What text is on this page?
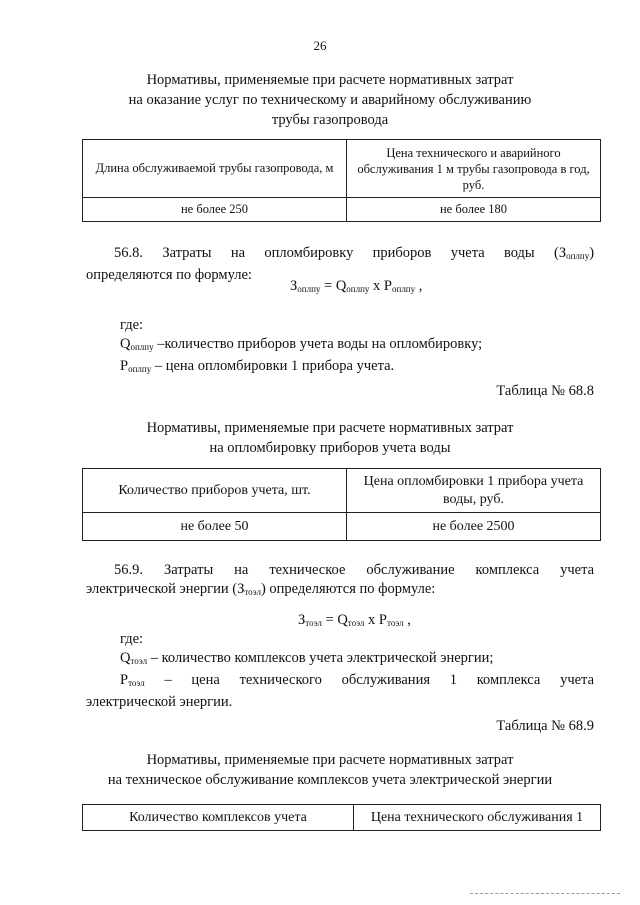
26
Нормативы, применяемые при расчете нормативных затрат
на оказание услуг по техническому и аварийному обслуживанию
трубы газопровода
Длина обслуживаемой трубы газопровода, м	Цена технического и аварийного обслуживания 1 м трубы газопровода в год, руб.
не более 250	не более 180
56.8. Затраты на опломбировку приборов учета воды $(З_{оплпу})$
определяются по формуле:
$З_{оплпу} = Q_{оплпу}$ x $P_{оплпу}$ ,
где:
$Q_{оплпу}$ –количество приборов учета воды на опломбировку;
$P_{оплпу}$ – цена опломбировки 1 прибора учета.
Таблица № 68.8
Нормативы, применяемые при расчете нормативных затрат
на опломбировку приборов учета воды
Количество приборов учета, шт.	Цена опломбировки 1 прибора учета воды, руб.
не более 50	не более 2500
56.9. Затраты на техническое обслуживание комплекса учета
электрической энергии $(З_{тоэл})$ определяются по формуле:
$З_{тоэл} = Q_{тоэл}$ x $P_{тоэл}$ ,
где:
$Q_{тоэл}$ – количество комплексов учета электрической энергии;
$P_{тоэл}$ – цена технического обслуживания 1 комплекса учета
электрической энергии.
Таблица № 68.9
Нормативы, применяемые при расчете нормативных затрат
на техническое обслуживание комплексов учета электрической энергии
Количество комплексов учета	Цена технического обслуживания 1
